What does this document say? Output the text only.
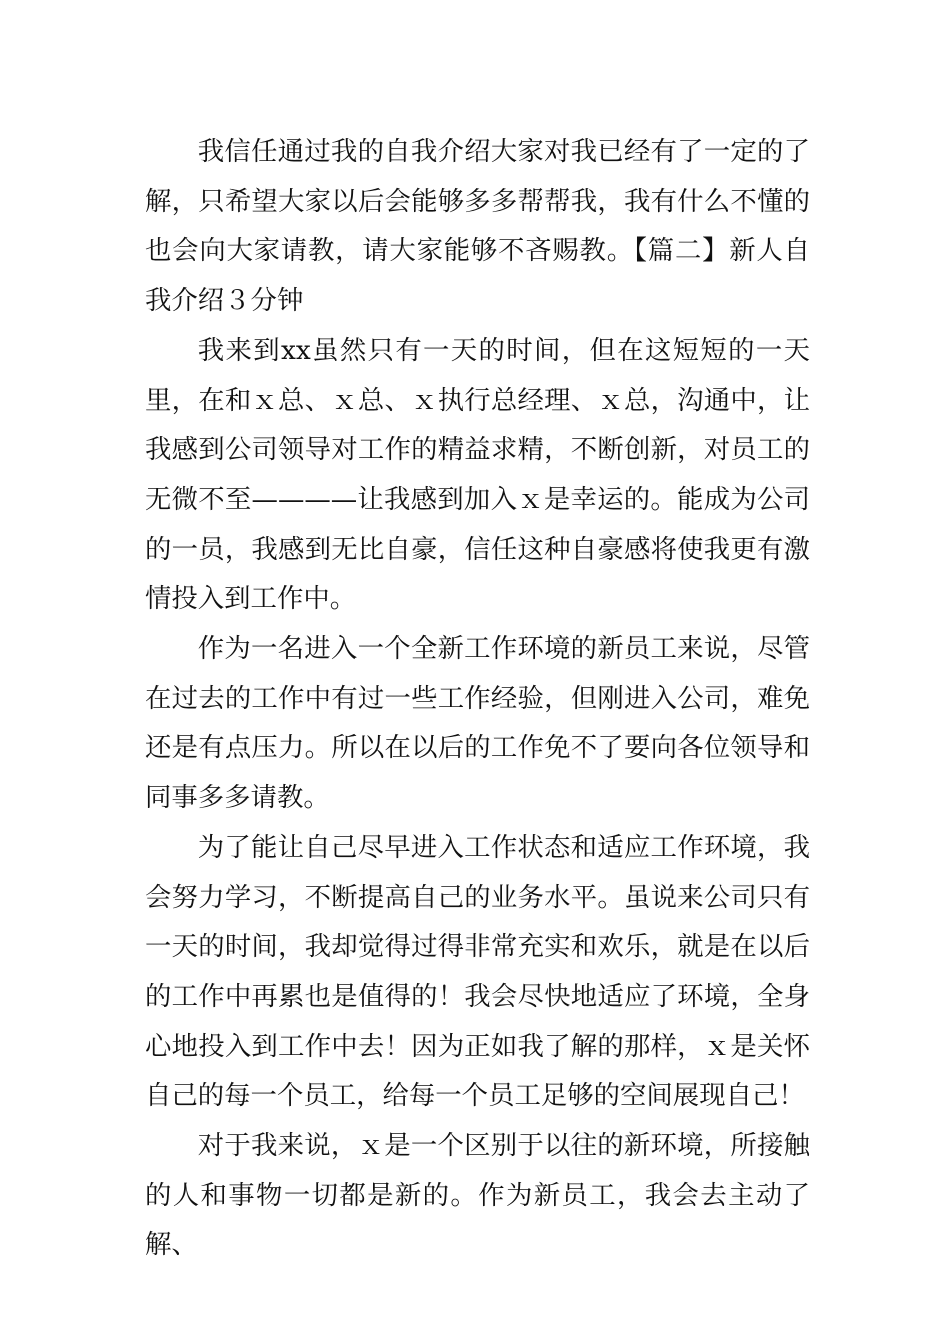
我信任通过我的自我介绍大家对我已经有了一定的了解，只希望大家以后会能够多多帮帮我，我有什么不懂的也会向大家请教，请大家能够不吝赐教。【篇二】新人自我介绍３分钟

我来到xx虽然只有一天的时间，但在这短短的一天里，在和ｘ总、ｘ总、ｘ执行总经理、ｘ总，沟通中，让我感到公司领导对工作的精益求精，不断创新，对员工的无微不至————让我感到加入ｘ是幸运的。能成为公司的一员，我感到无比自豪，信任这种自豪感将使我更有激情投入到工作中。

作为一名进入一个全新工作环境的新员工来说，尽管在过去的工作中有过一些工作经验，但刚进入公司，难免还是有点压力。所以在以后的工作免不了要向各位领导和同事多多请教。

为了能让自己尽早进入工作状态和适应工作环境，我会努力学习，不断提高自己的业务水平。虽说来公司只有一天的时间，我却觉得过得非常充实和欢乐，就是在以后的工作中再累也是值得的！我会尽快地适应了环境，全身心地投入到工作中去！因为正如我了解的那样，ｘ是关怀自己的每一个员工，给每一个员工足够的空间展现自己！

对于我来说，ｘ是一个区别于以往的新环境，所接触的人和事物一切都是新的。作为新员工，我会去主动了解、
